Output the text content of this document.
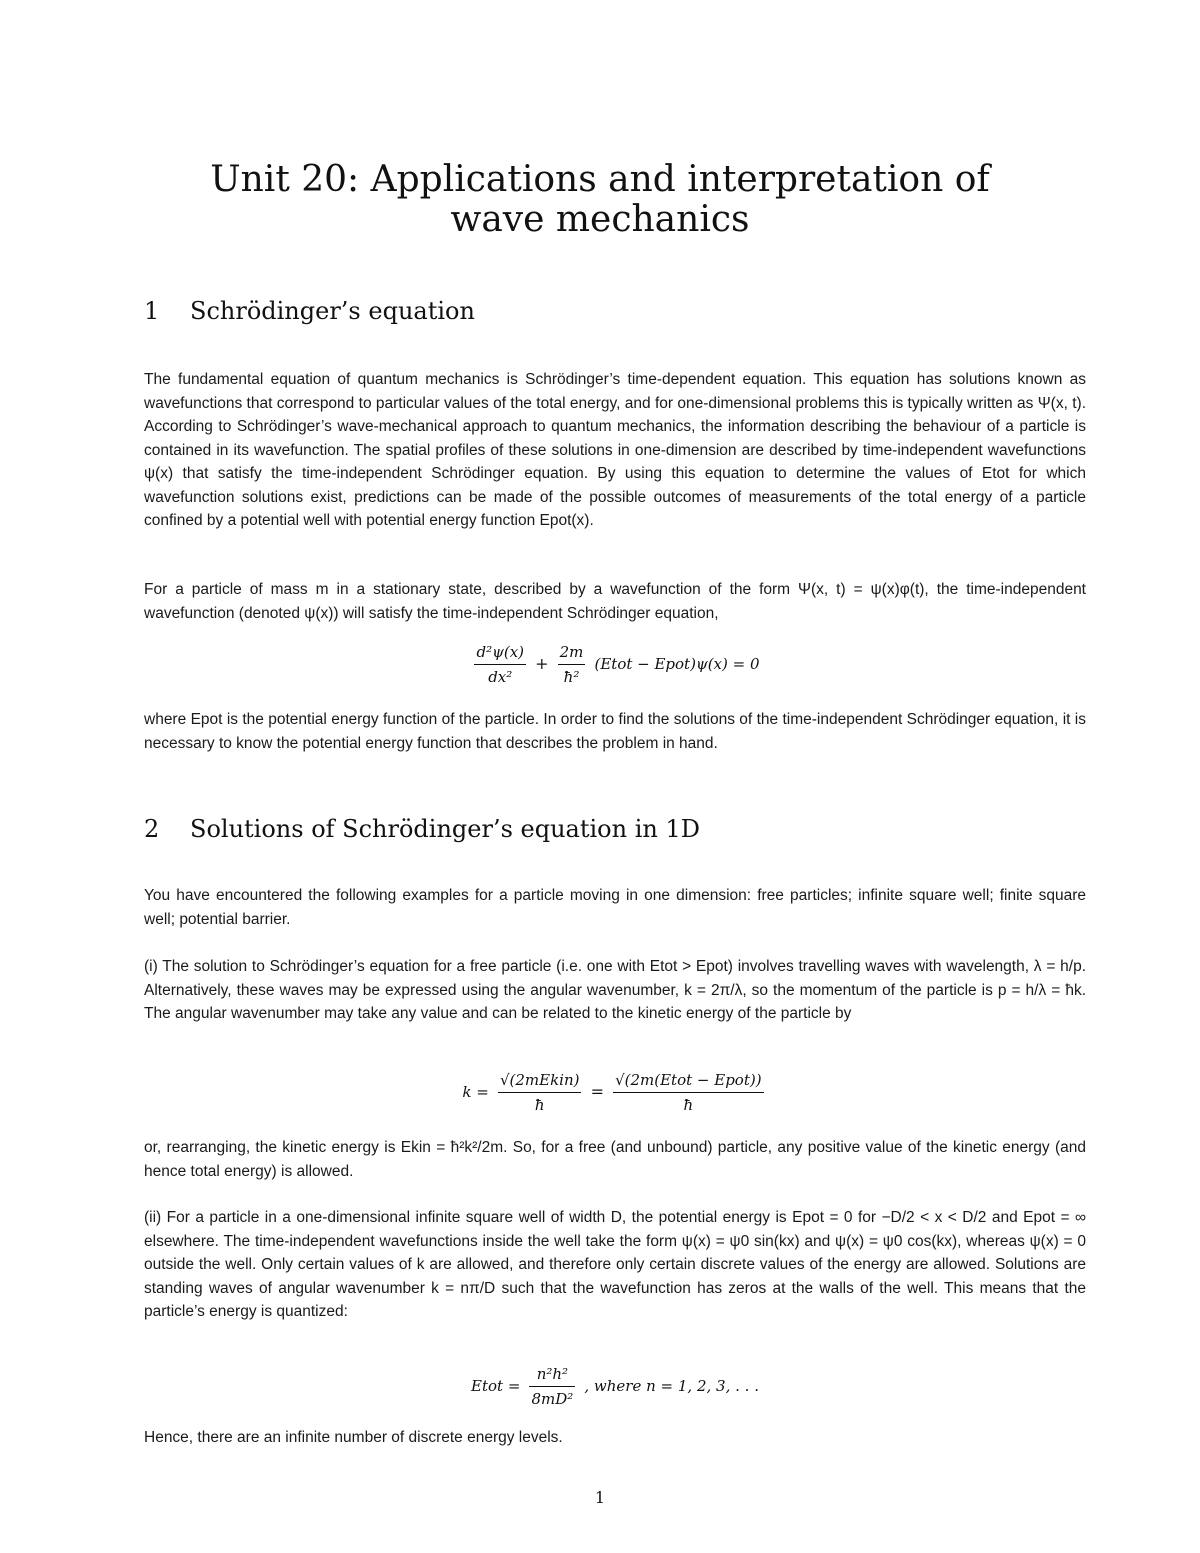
Unit 20: Applications and interpretation of
wave mechanics
1 Schrödinger’s equation

The fundamental equation of quantum mechanics is Schrödinger’s time-dependent equation. This equation has solutions known as wavefunctions that correspond to particular values of the total energy, and for one-dimensional problems this is typically written as Ψ(x, t). According to Schrödinger’s wave-mechanical approach to quantum mechanics, the information describing the behaviour of a particle is contained in its wavefunction. The spatial profiles of these solutions in one-dimension are described by time-independent wavefunctions ψ(x) that satisfy the time-independent Schrödinger equation. By using this equation to determine the values of Etot for which wavefunction solutions exist, predictions can be made of the possible outcomes of measurements of the total energy of a particle confined by a potential well with potential energy function Epot(x).

For a particle of mass m in a stationary state, described by a wavefunction of the form Ψ(x, t) = ψ(x)φ(t), the time-independent wavefunction (denoted ψ(x)) will satisfy the time-independent Schrödinger equation,

$\frac{\text{d²ψ(x)}}{\text{dx²}} + \frac{2m}{\text{ħ²}}$ (Etot − Epot)ψ(x) = 0

where Epot is the potential energy function of the particle. In order to find the solutions of the time-independent Schrödinger equation, it is necessary to know the potential energy function that describes the problem in hand.

2 Solutions of Schrödinger’s equation in 1D

You have encountered the following examples for a particle moving in one dimension: free particles; infinite square well; finite square well; potential barrier.

(i) The solution to Schrödinger’s equation for a free particle (i.e. one with Etot > Epot) involves travelling waves with wavelength, λ = h/p. Alternatively, these waves may be expressed using the angular wavenumber, k = 2π/λ, so the momentum of the particle is p = h/λ = ħk. The angular wavenumber may take any value and can be related to the kinetic energy of the particle by

$k = \frac{\text{√(2mEkin)}}{ħ} = \frac{\text{√(2m(Etot − Epot))}}{ħ}$

or, rearranging, the kinetic energy is Ekin = ħ²k²/2m. So, for a free (and unbound) particle, any positive value of the kinetic energy (and hence total energy) is allowed.

(ii) For a particle in a one-dimensional infinite square well of width D, the potential energy is Epot = 0 for −D/2 < x < D/2 and Epot = ∞ elsewhere. The time-independent wavefunctions inside the well take the form ψ(x) = ψ0 sin(kx) and ψ(x) = ψ0 cos(kx), whereas ψ(x) = 0 outside the well. Only certain values of k are allowed, and therefore only certain discrete values of the energy are allowed. Solutions are standing waves of angular wavenumber k = nπ/D such that the wavefunction has zeros at the walls of the well. This means that the particle’s energy is quantized:

Etot = $\frac{\text{n²h²}}{\text{8mD²}}$ , where n = 1, 2, 3, . . .

Hence, there are an infinite number of discrete energy levels.

1
